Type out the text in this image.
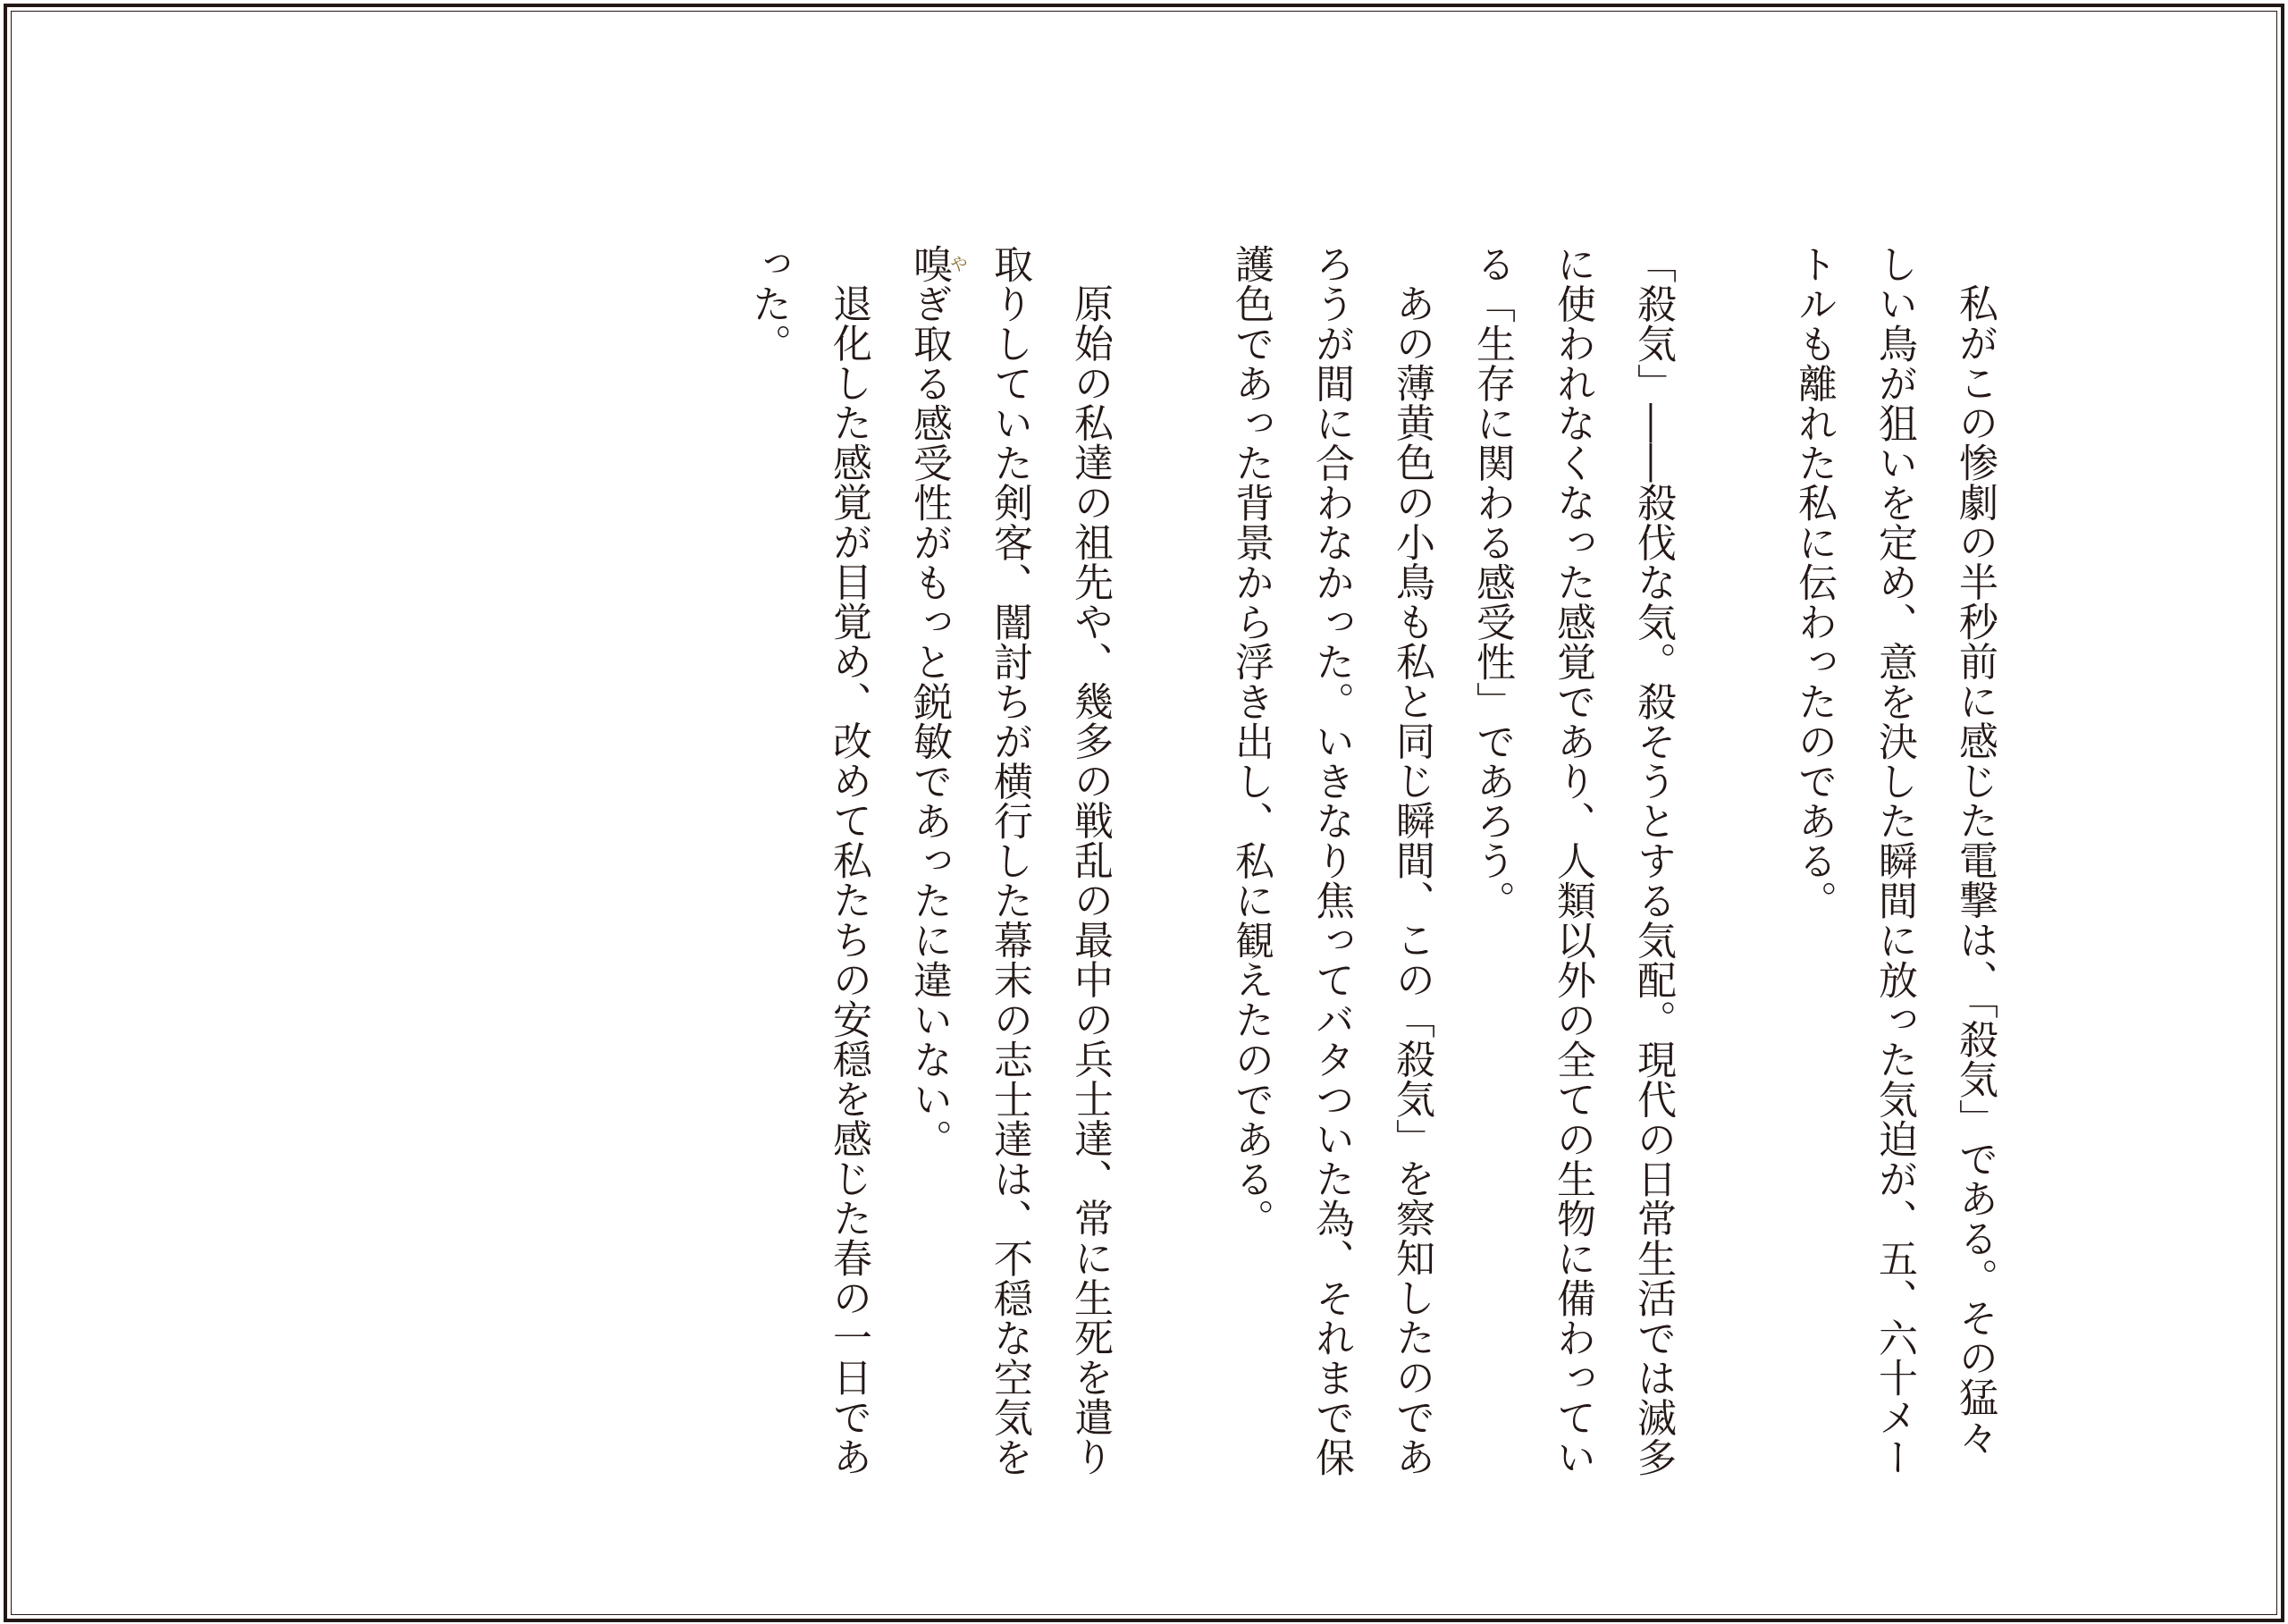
私がこの惨劇の半秒前に感じた電撃は、「殺気」である。その猛々しい鳥が狙いを定め、意を決した瞬間に放った気迫が、五、六十メートルも離れた私に伝わったのである。

「殺気」――殺伐な気。殺そうとする気配。現代の日常生活では滅多に使われなくなった感覚であり、人類以外の全ての生物に備わっている「生存に関わる感受性」であろう。

あの薄黄色の小鳥も私と同じ瞬間、この「殺気」を察知したのであろうが間に合わなかった。いきなり焦ってバタついた為、それまで保護色であった背景から浮き出し、私に観えたのである。

原始の私達の祖先や、幾多の戦乱の最中の兵士達、常に生死を遣り取りしていた剣客、闇討ちが横行した幕末の志士達は、不穏な空気を嗅やぎ取る感受性がもっと鋭敏であったに違いない。

退化した感覚が目覚め、改めて私たちの安穏を感じた春の一日であった。
